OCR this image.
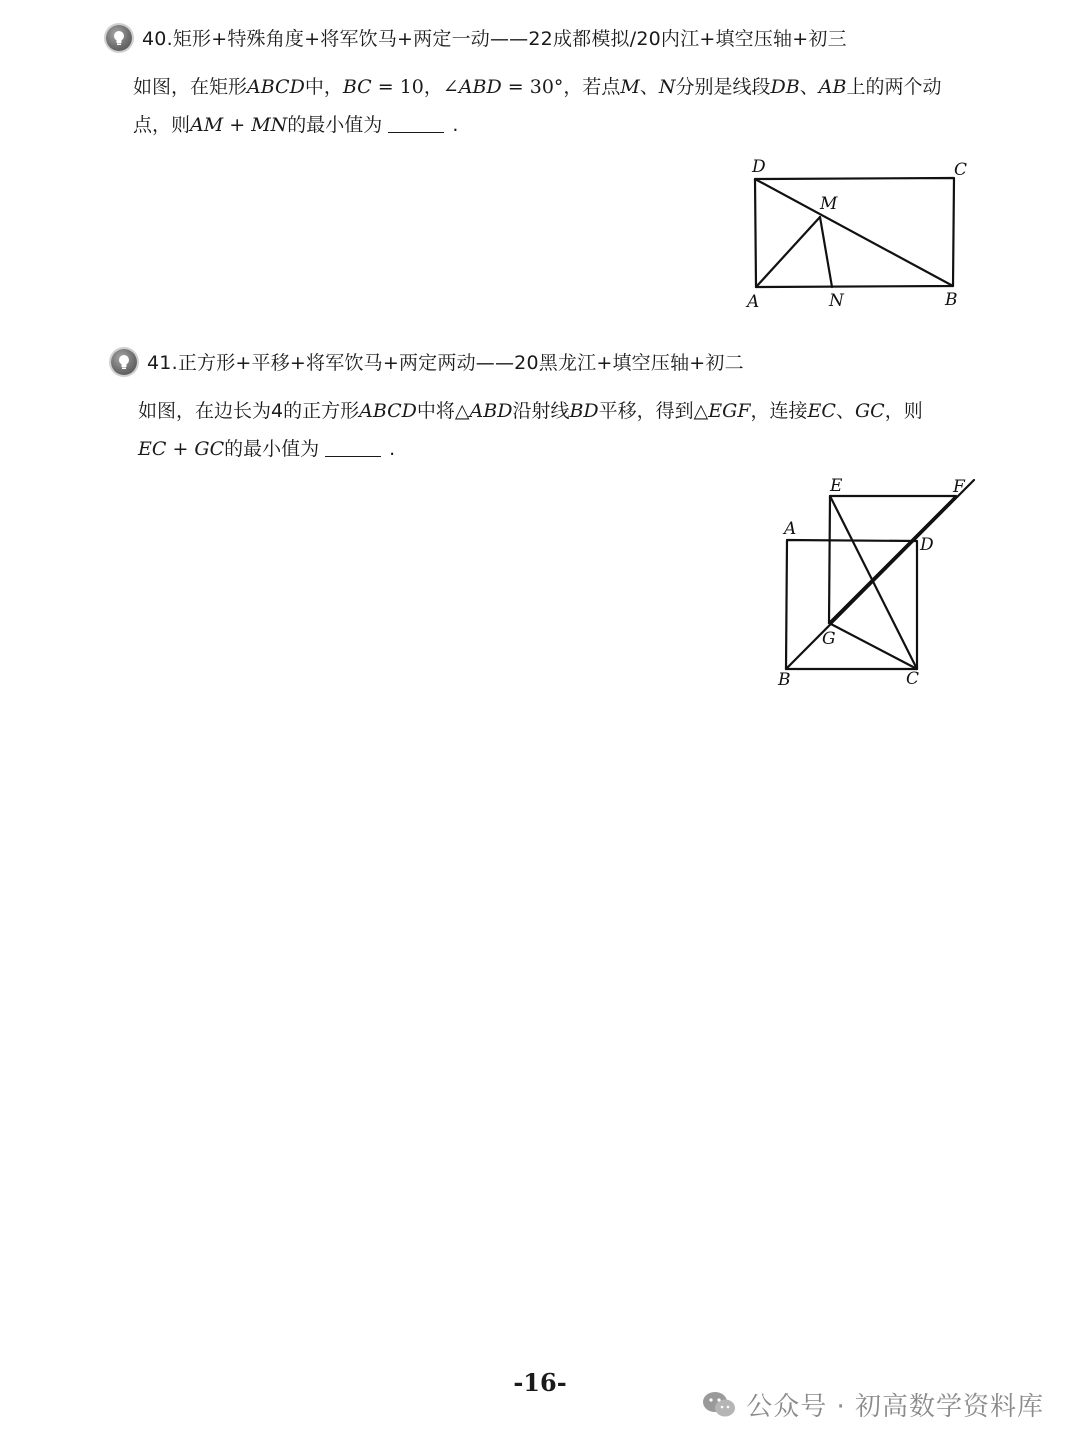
40.矩形+特殊角度+将军饮马+两定一动——22成都模拟/20内江+填空压轴+初三
如图，在矩形ABCD中，BC = 10，∠ABD = 30°，若点M、N分别是线段DB、AB上的两个动
点，则AM + MN的最小值为	.
D	C
M
A	N	B
41.正方形+平移+将军饮马+两定两动——20黑龙江+填空压轴+初二
如图，在边长为4的正方形ABCD中将△ABD沿射线BD平移，得到△EGF，连接EC、GC，则
EC + GC的最小值为	.
E	F
A
D
G
B	C
-16-
公众号 · 初高数学资料库
